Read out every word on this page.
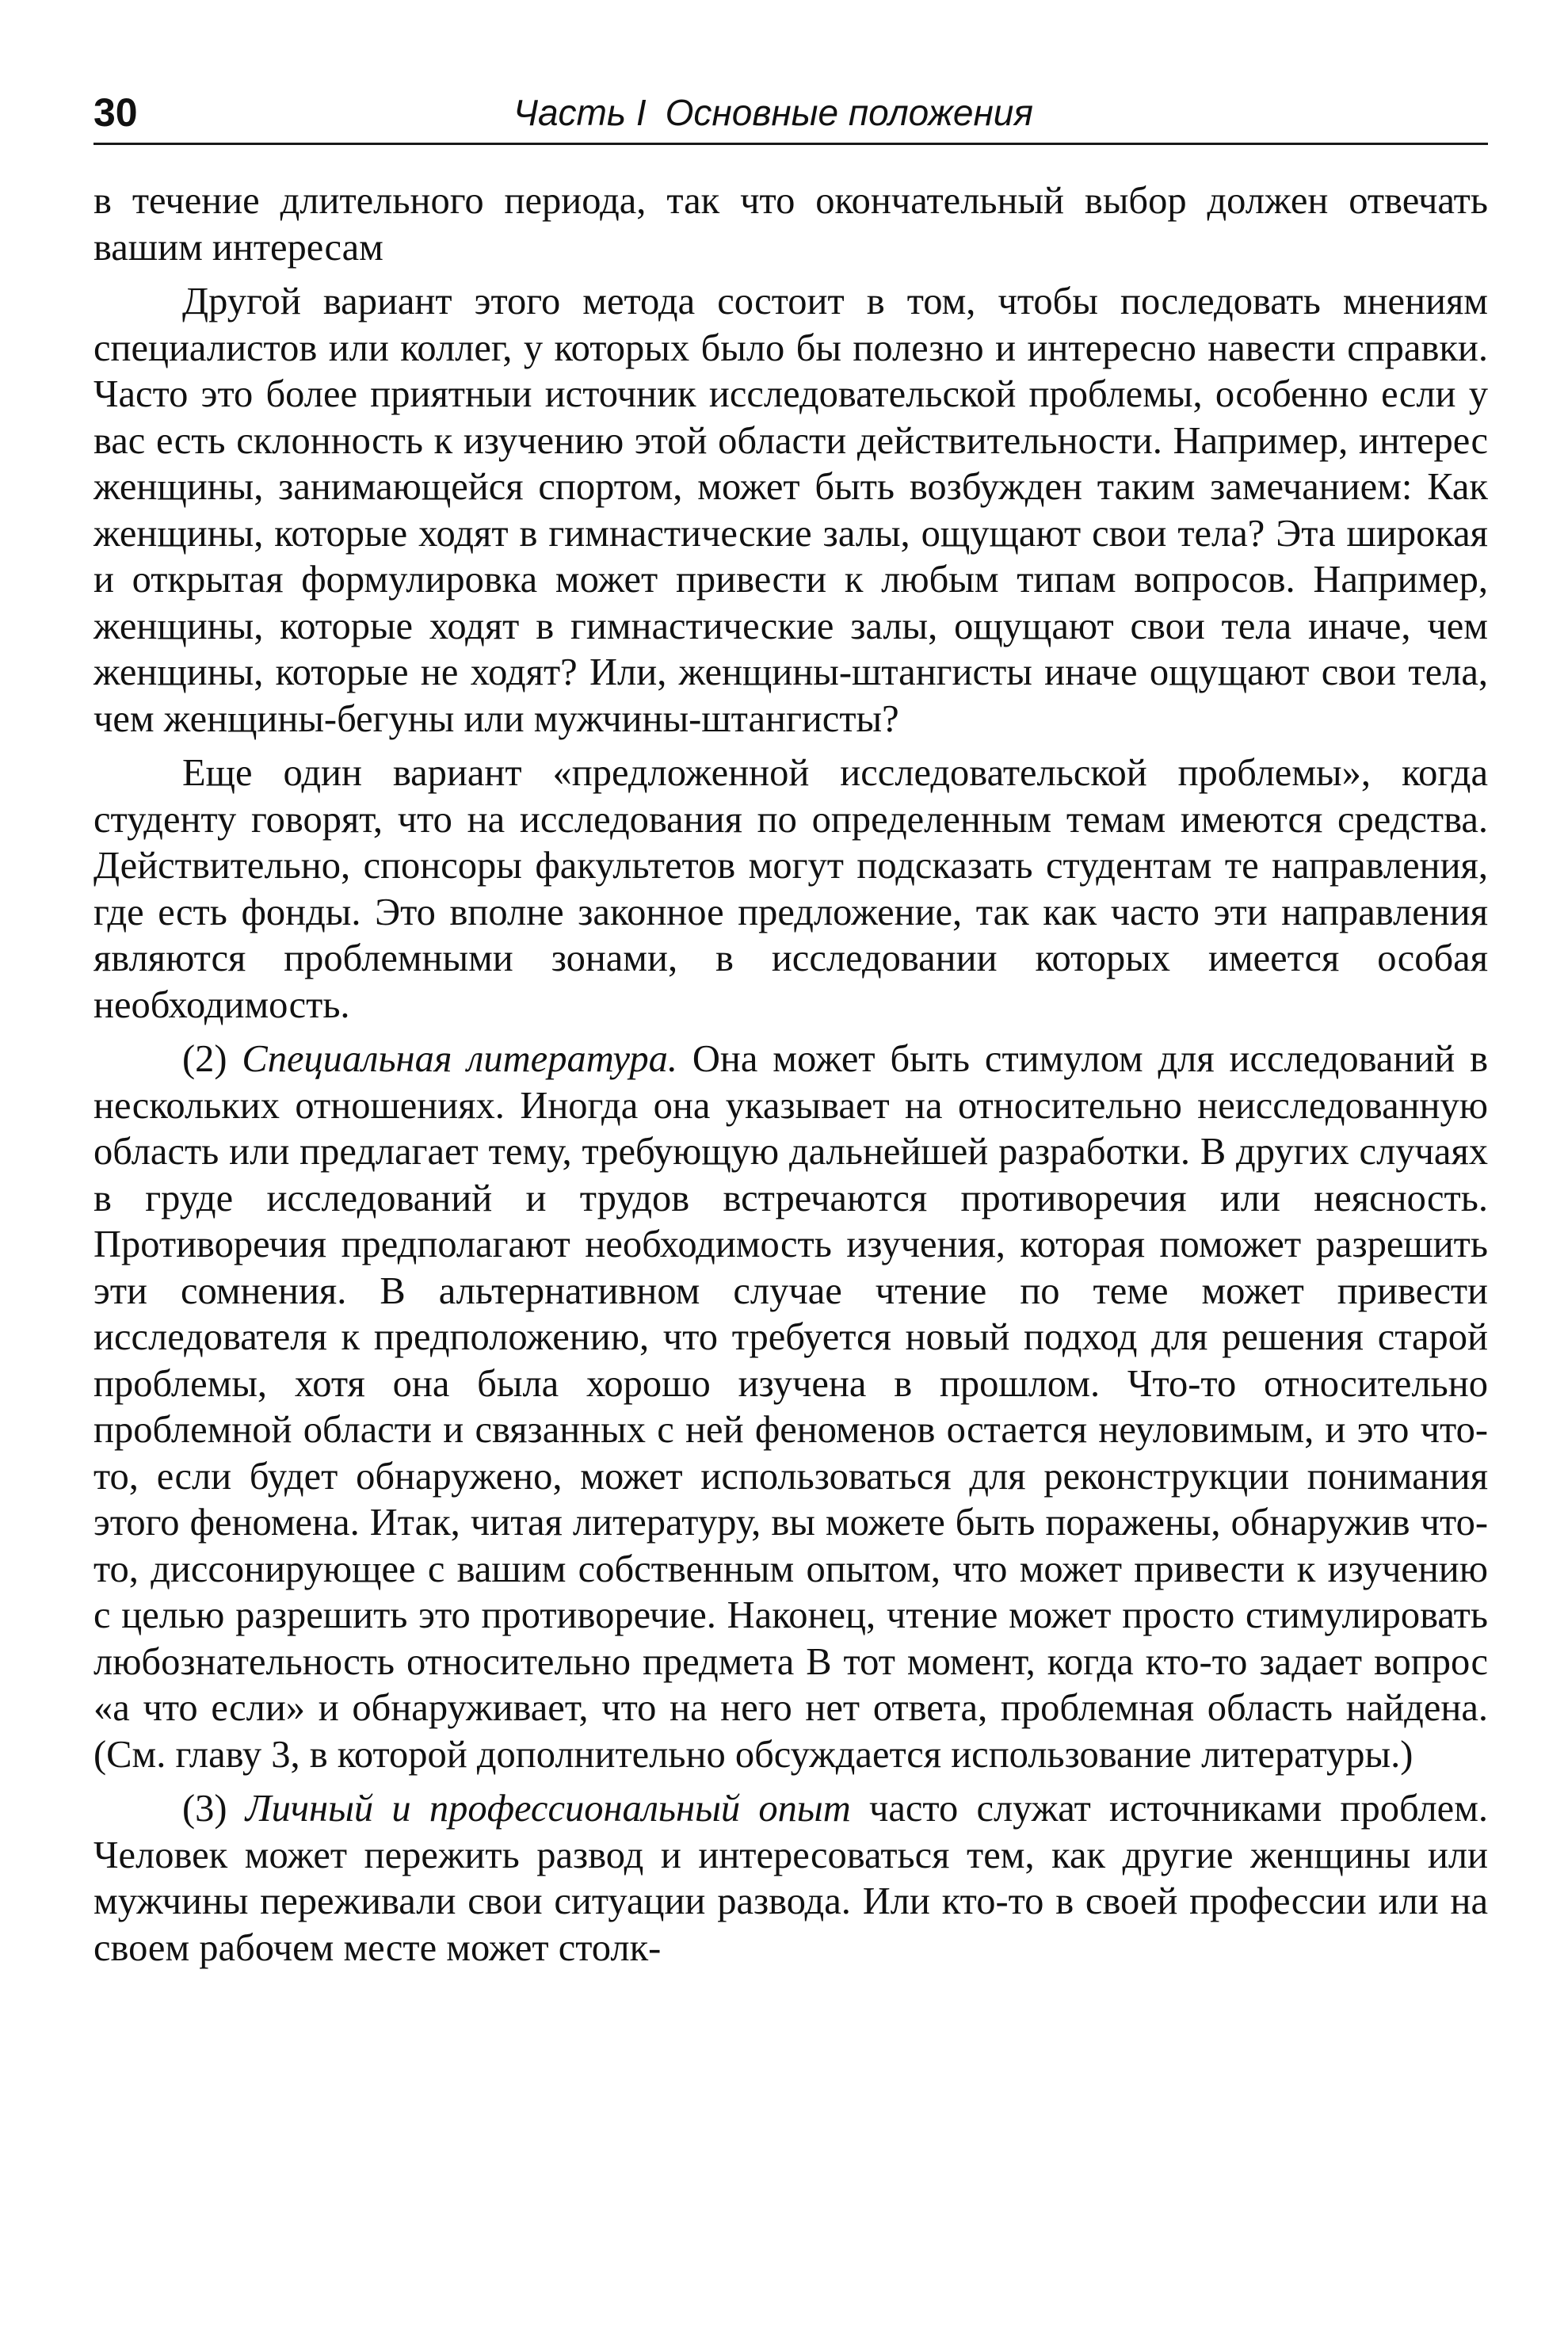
30	Часть I Основные положения

в течение длительного периода, так что окончательный выбор должен отвечать вашим интересам

Другой вариант этого метода состоит в том, чтобы последовать мнениям специалистов или коллег, у которых было бы полезно и интересно навести справки. Часто это более приятныи источник исследовательской проблемы, особенно если у вас есть склонность к изучению этой области действительности. Например, интерес женщины, занимающейся спортом, может быть возбужден таким замечанием: Как женщины, которые ходят в гимнастические залы, ощущают свои тела? Эта широкая и открытая формулировка может привести к любым типам вопросов. Например, женщины, которые ходят в гимнастические залы, ощущают свои тела иначе, чем женщины, которые не ходят? Или, женщины-штангисты иначе ощущают свои тела, чем женщины-бегуны или мужчины-штангисты?

Еще один вариант «предложенной исследовательской проблемы», когда студенту говорят, что на исследования по определенным темам имеются средства. Действительно, спонсоры факультетов могут подсказать студентам те направления, где есть фонды. Это вполне законное предложение, так как часто эти направления являются проблемными зонами, в исследовании которых имеется особая необходимость.

(2) Специальная литература. Она может быть стимулом для исследований в нескольких отношениях. Иногда она указывает на относительно неисследованную область или предлагает тему, требующую дальнейшей разработки. В других случаях в груде исследований и трудов встречаются противоречия или неясность. Противоречия предполагают необходимость изучения, которая поможет разрешить эти сомнения. В альтернативном случае чтение по теме может привести исследователя к предположению, что требуется новый подход для решения старой проблемы, хотя она была хорошо изучена в прошлом. Что-то относительно проблемной области и связанных с ней феноменов остается неуловимым, и это что-то, если будет обнаружено, может использоваться для реконструкции понимания этого феномена. Итак, читая литературу, вы можете быть поражены, обнаружив что-то, диссонирующее с вашим собственным опытом, что может привести к изучению с целью разрешить это противоречие. Наконец, чтение может просто стимулировать любознательность относительно предмета В тот момент, когда кто-то задает вопрос «а что если» и обнаруживает, что на него нет ответа, проблемная область найдена. (См. главу 3, в которой дополнительно обсуждается использование литературы.)

(3) Личный и профессиональный опыт часто служат источниками проблем. Человек может пережить развод и интересоваться тем, как другие женщины или мужчины переживали свои ситуации развода. Или кто-то в своей профессии или на своем рабочем месте может столк-
